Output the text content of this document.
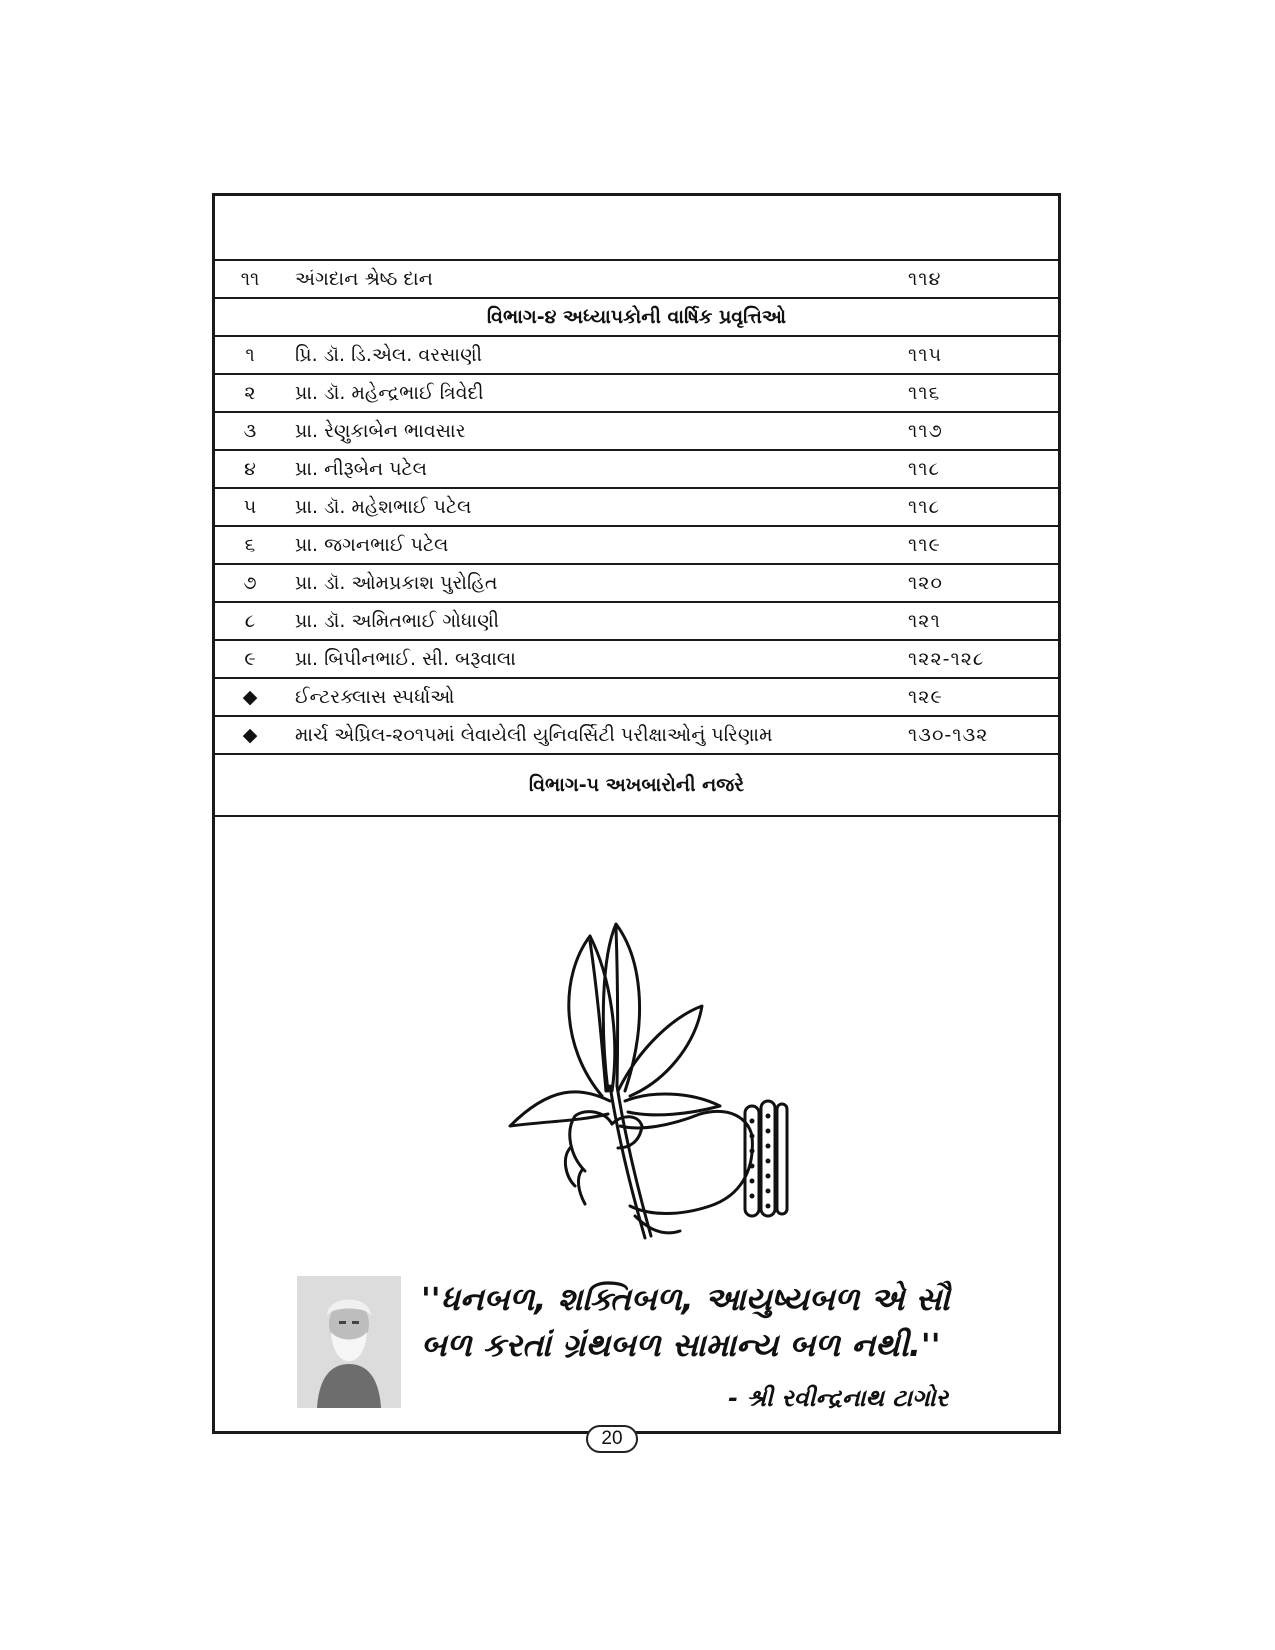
૧૧	અંગદાન શ્રેષ્ઠ દાન	૧૧૪
વિભાગ-૪ અધ્યાપકોની વાર્ષિક પ્રવૃત્તિઓ		
૧	પ્રિ. ડૉ. ડિ.એલ. વરસાણી	૧૧૫
૨	પ્રા. ડૉ. મહેન્દ્રભાઈ ત્રિવેદી	૧૧૬
૩	પ્રા. રેણુકાબેન ભાવસાર	૧૧૭
૪	પ્રા. નીરૂબેન પટેલ	૧૧૮
૫	પ્રા. ડૉ. મહેશભાઈ પટેલ	૧૧૮
૬	પ્રા. જગનભાઈ પટેલ	૧૧૯
૭	પ્રા. ડૉ. ઓમપ્રકાશ પુરોહિત	૧૨૦
૮	પ્રા. ડૉ. અમિતભાઈ ગોધાણી	૧૨૧
૯	પ્રા. બિપીનભાઈ. સી. બરૂવાલા	૧૨૨-૧૨૮
◆	ઈન્ટરક્લાસ સ્પર્ધાઓ	૧૨૯
◆	માર્ચ એપ્રિલ-૨૦૧૫માં લેવાયેલી યુનિવર્સિટી પરીક્ષાઓનું પરિણામ	૧૩૦-૧૩૨
વિભાગ-૫ અખબારોની નજરે		
''ધનબળ, શક્તિબળ, આયુષ્યબળ એ સૌ
બળ કરતાં ગ્રંથબળ સામાન્ય બળ નથી.''
- શ્રી રવીન્દ્રનાથ ટાગોર
20
